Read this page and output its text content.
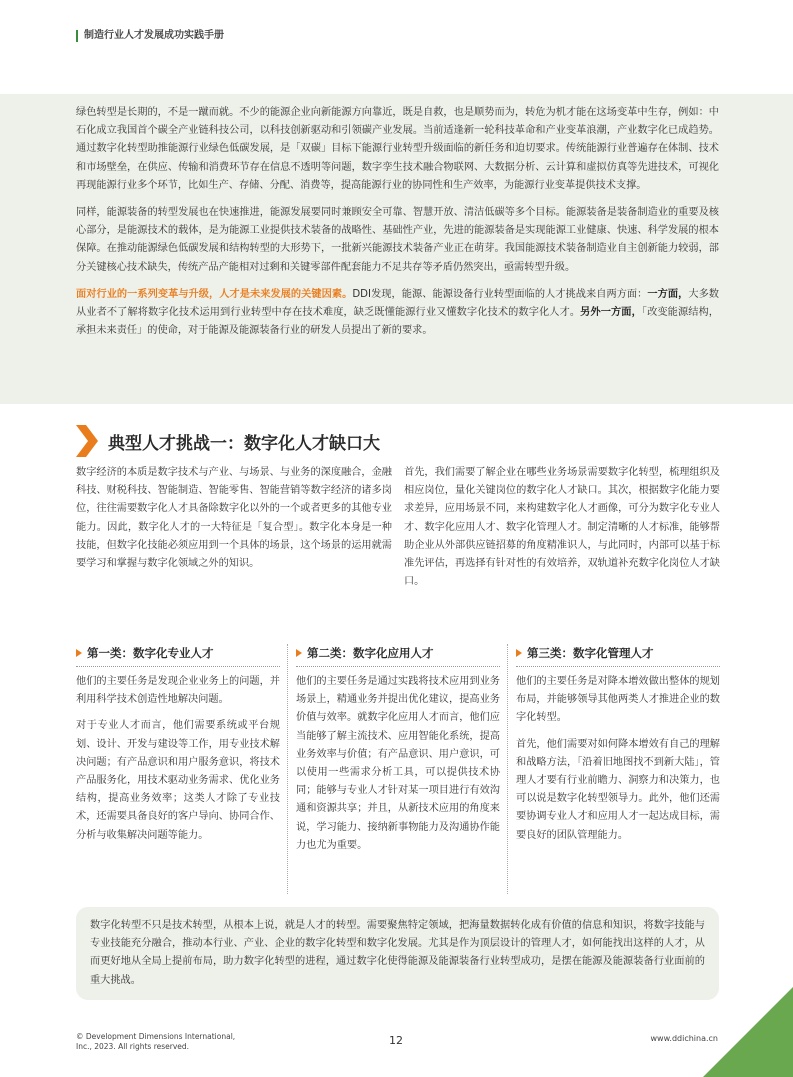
制造行业人才发展成功实践手册

绿色转型是长期的，不是一蹴而就。不少的能源企业向新能源方向靠近，既是自救，也是顺势而为，转危为机才能在这场变革中生存，例如：中石化成立我国首个碳全产业链科技公司，以科技创新驱动和引领碳产业发展。当前适逢新一轮科技革命和产业变革浪潮，产业数字化已成趋势。通过数字化转型助推能源行业绿色低碳发展，是「双碳」目标下能源行业转型升级面临的新任务和迫切要求。传统能源行业普遍存在体制、技术和市场壁垒，在供应、传输和消费环节存在信息不透明等问题，数字孪生技术融合物联网、大数据分析、云计算和虚拟仿真等先进技术，可视化再现能源行业多个环节，比如生产、存储、分配、消费等，提高能源行业的协同性和生产效率，为能源行业变革提供技术支撑。

同样，能源装备的转型发展也在快速推进，能源发展要同时兼顾安全可靠、智慧开放、清洁低碳等多个目标。能源装备是装备制造业的重要及核心部分，是能源技术的载体，是为能源工业提供技术装备的战略性、基础性产业，先进的能源装备是实现能源工业健康、快速、科学发展的根本保障。在推动能源绿色低碳发展和结构转型的大形势下，一批新兴能源技术装备产业正在萌芽。我国能源技术装备制造业自主创新能力较弱，部分关键核心技术缺失，传统产品产能相对过剩和关键零部件配套能力不足共存等矛盾仍然突出，亟需转型升级。

面对行业的一系列变革与升级，人才是未来发展的关键因素。DDI发现，能源、能源设备行业转型面临的人才挑战来自两方面：一方面，大多数从业者不了解将数字化技术运用到行业转型中存在技术难度，缺乏既懂能源行业又懂数字化技术的数字化人才。另外一方面，「改变能源结构，承担未来责任」的使命，对于能源及能源装备行业的研发人员提出了新的要求。

典型人才挑战一：数字化人才缺口大
数字经济的本质是数字技术与产业、与场景、与业务的深度融合，金融科技、财税科技、智能制造、智能零售、智能营销等数字经济的诸多岗位，往往需要数字化人才具备除数字化以外的一个或者更多的其他专业能力。因此，数字化人才的一大特征是「复合型」。数字化本身是一种技能，但数字化技能必须应用到一个具体的场景，这个场景的运用就需要学习和掌握与数字化领域之外的知识。
首先，我们需要了解企业在哪些业务场景需要数字化转型，梳理组织及相应岗位，量化关键岗位的数字化人才缺口。其次，根据数字化能力要求差异，应用场景不同，来构建数字化人才画像，可分为数字化专业人才、数字化应用人才、数字化管理人才。制定清晰的人才标准，能够帮助企业从外部供应链招募的角度精准识人，与此同时，内部可以基于标准先评估，再选择有针对性的有效培养，双轨道补充数字化岗位人才缺口。
第一类：数字化专业人才

他们的主要任务是发现企业业务上的问题，并利用科学技术创造性地解决问题。

对于专业人才而言，他们需要系统或平台规划、设计、开发与建设等工作，用专业技术解决问题；有产品意识和用户服务意识，将技术产品服务化，用技术驱动业务需求、优化业务结构，提高业务效率；这类人才除了专业技术，还需要具备良好的客户导向、协同合作、分析与收集解决问题等能力。

第二类：数字化应用人才

他们的主要任务是通过实践将技术应用到业务场景上，精通业务并提出优化建议，提高业务价值与效率。就数字化应用人才而言，他们应当能够了解主流技术、应用智能化系统，提高业务效率与价值；有产品意识、用户意识，可以使用一些需求分析工具，可以提供技术协同；能够与专业人才针对某一项目进行有效沟通和资源共享；并且，从新技术应用的角度来说，学习能力、接纳新事物能力及沟通协作能力也尤为重要。

第三类：数字化管理人才

他们的主要任务是对降本增效做出整体的规划布局，并能够领导其他两类人才推进企业的数字化转型。

首先，他们需要对如何降本增效有自己的理解和战略方法，「沿着旧地图找不到新大陆」，管理人才要有行业前瞻力、洞察力和决策力，也可以说是数字化转型领导力。此外，他们还需要协调专业人才和应用人才一起达成目标，需要良好的团队管理能力。

数字化转型不只是技术转型，从根本上说，就是人才的转型。需要聚焦特定领域，把海量数据转化成有价值的信息和知识，将数字技能与专业技能充分融合，推动本行业、产业、企业的数字化转型和数字化发展。尤其是作为顶层设计的管理人才，如何能找出这样的人才，从而更好地从全局上提前布局，助力数字化转型的进程，通过数字化使得能源及能源装备行业转型成功，是摆在能源及能源装备行业面前的重大挑战。
© Development Dimensions International,
Inc., 2023. All rights reserved.	12	www.ddichina.cn
